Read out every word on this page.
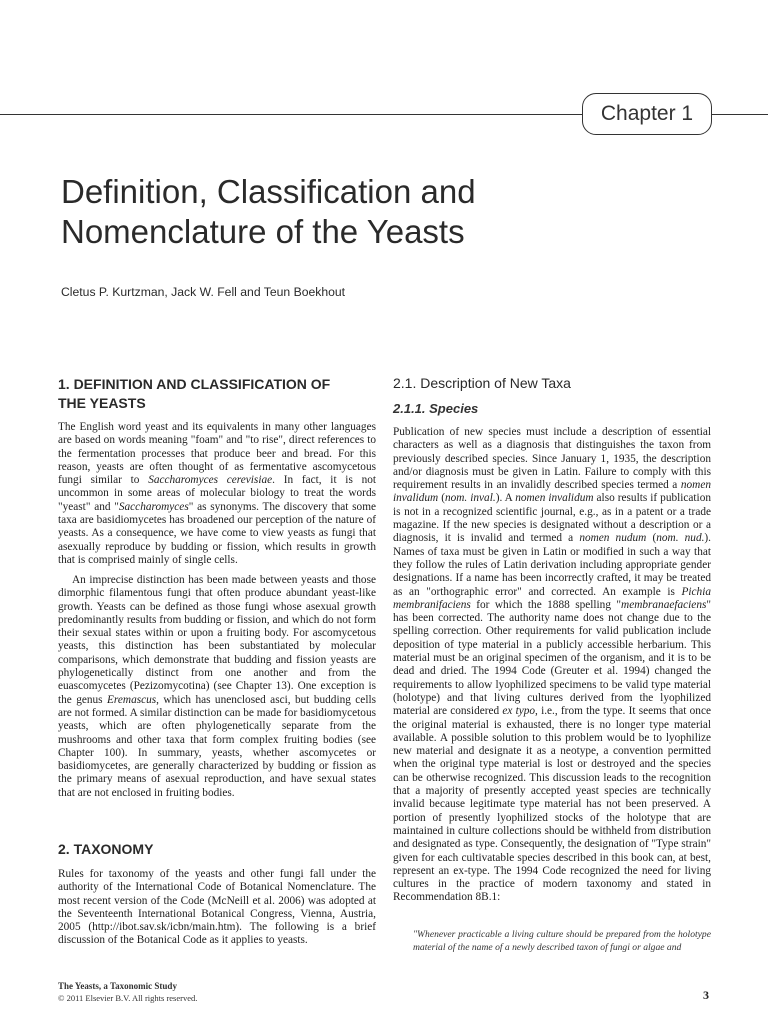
Chapter 1
Definition, Classification and
Nomenclature of the Yeasts
Cletus P. Kurtzman, Jack W. Fell and Teun Boekhout
1. DEFINITION AND CLASSIFICATION OF
THE YEASTS

The English word yeast and its equivalents in many other languages are based on words meaning "foam" and "to rise", direct references to the fermentation processes that produce beer and bread. For this reason, yeasts are often thought of as fermentative ascomycetous fungi similar to Saccharomyces cerevisiae. In fact, it is not uncommon in some areas of molecular biology to treat the words "yeast" and "Saccharomyces" as synonyms. The discovery that some taxa are basidiomycetes has broadened our perception of the nature of yeasts. As a consequence, we have come to view yeasts as fungi that asexually reproduce by budding or fission, which results in growth that is comprised mainly of single cells.

An imprecise distinction has been made between yeasts and those dimorphic filamentous fungi that often produce abundant yeast-like growth. Yeasts can be defined as those fungi whose asexual growth predominantly results from budding or fission, and which do not form their sexual states within or upon a fruiting body. For ascomycetous yeasts, this distinction has been substantiated by molecular comparisons, which demonstrate that budding and fission yeasts are phylogenetically distinct from one another and from the euascomycetes (Pezizomycotina) (see Chapter 13). One exception is the genus Eremascus, which has unenclosed asci, but budding cells are not formed. A similar distinction can be made for basidiomycetous yeasts, which are often phylogenetically separate from the mushrooms and other taxa that form complex fruiting bodies (see Chapter 100). In summary, yeasts, whether ascomycetes or basidiomycetes, are generally characterized by budding or fission as the primary means of asexual reproduction, and have sexual states that are not enclosed in fruiting bodies.

2. TAXONOMY

Rules for taxonomy of the yeasts and other fungi fall under the authority of the International Code of Botanical Nomenclature. The most recent version of the Code (McNeill et al. 2006) was adopted at the Seventeenth International Botanical Congress, Vienna, Austria, 2005 (http://ibot.sav.sk/icbn/main.htm). The following is a brief discussion of the Botanical Code as it applies to yeasts.

2.1. Description of New Taxa
2.1.1. Species

Publication of new species must include a description of essential characters as well as a diagnosis that distinguishes the taxon from previously described species. Since January 1, 1935, the description and/or diagnosis must be given in Latin. Failure to comply with this requirement results in an invalidly described species termed a nomen invalidum (nom. inval.). A nomen invalidum also results if publication is not in a recognized scientific journal, e.g., as in a patent or a trade magazine. If the new species is designated without a description or a diagnosis, it is invalid and termed a nomen nudum (nom. nud.). Names of taxa must be given in Latin or modified in such a way that they follow the rules of Latin derivation including appropriate gender designations. If a name has been incorrectly crafted, it may be treated as an "orthographic error" and corrected. An example is Pichia membranifaciens for which the 1888 spelling "membranaefaciens" has been corrected. The authority name does not change due to the spelling correction. Other requirements for valid publication include deposition of type material in a publicly accessible herbarium. This material must be an original specimen of the organism, and it is to be dead and dried. The 1994 Code (Greuter et al. 1994) changed the requirements to allow lyophilized specimens to be valid type material (holotype) and that living cultures derived from the lyophilized material are considered ex typo, i.e., from the type. It seems that once the original material is exhausted, there is no longer type material available. A possible solution to this problem would be to lyophilize new material and designate it as a neotype, a convention permitted when the original type material is lost or destroyed and the species can be otherwise recognized. This discussion leads to the recognition that a majority of presently accepted yeast species are technically invalid because legitimate type material has not been preserved. A portion of presently lyophilized stocks of the holotype that are maintained in culture collections should be withheld from distribution and designated as type. Consequently, the designation of "Type strain" given for each cultivatable species described in this book can, at best, represent an ex-type. The 1994 Code recognized the need for living cultures in the practice of modern taxonomy and stated in Recommendation 8B.1:

"Whenever practicable a living culture should be prepared from the holotype material of the name of a newly described taxon of fungi or algae and

The Yeasts, a Taxonomic Study
© 2011 Elsevier B.V. All rights reserved.	3
